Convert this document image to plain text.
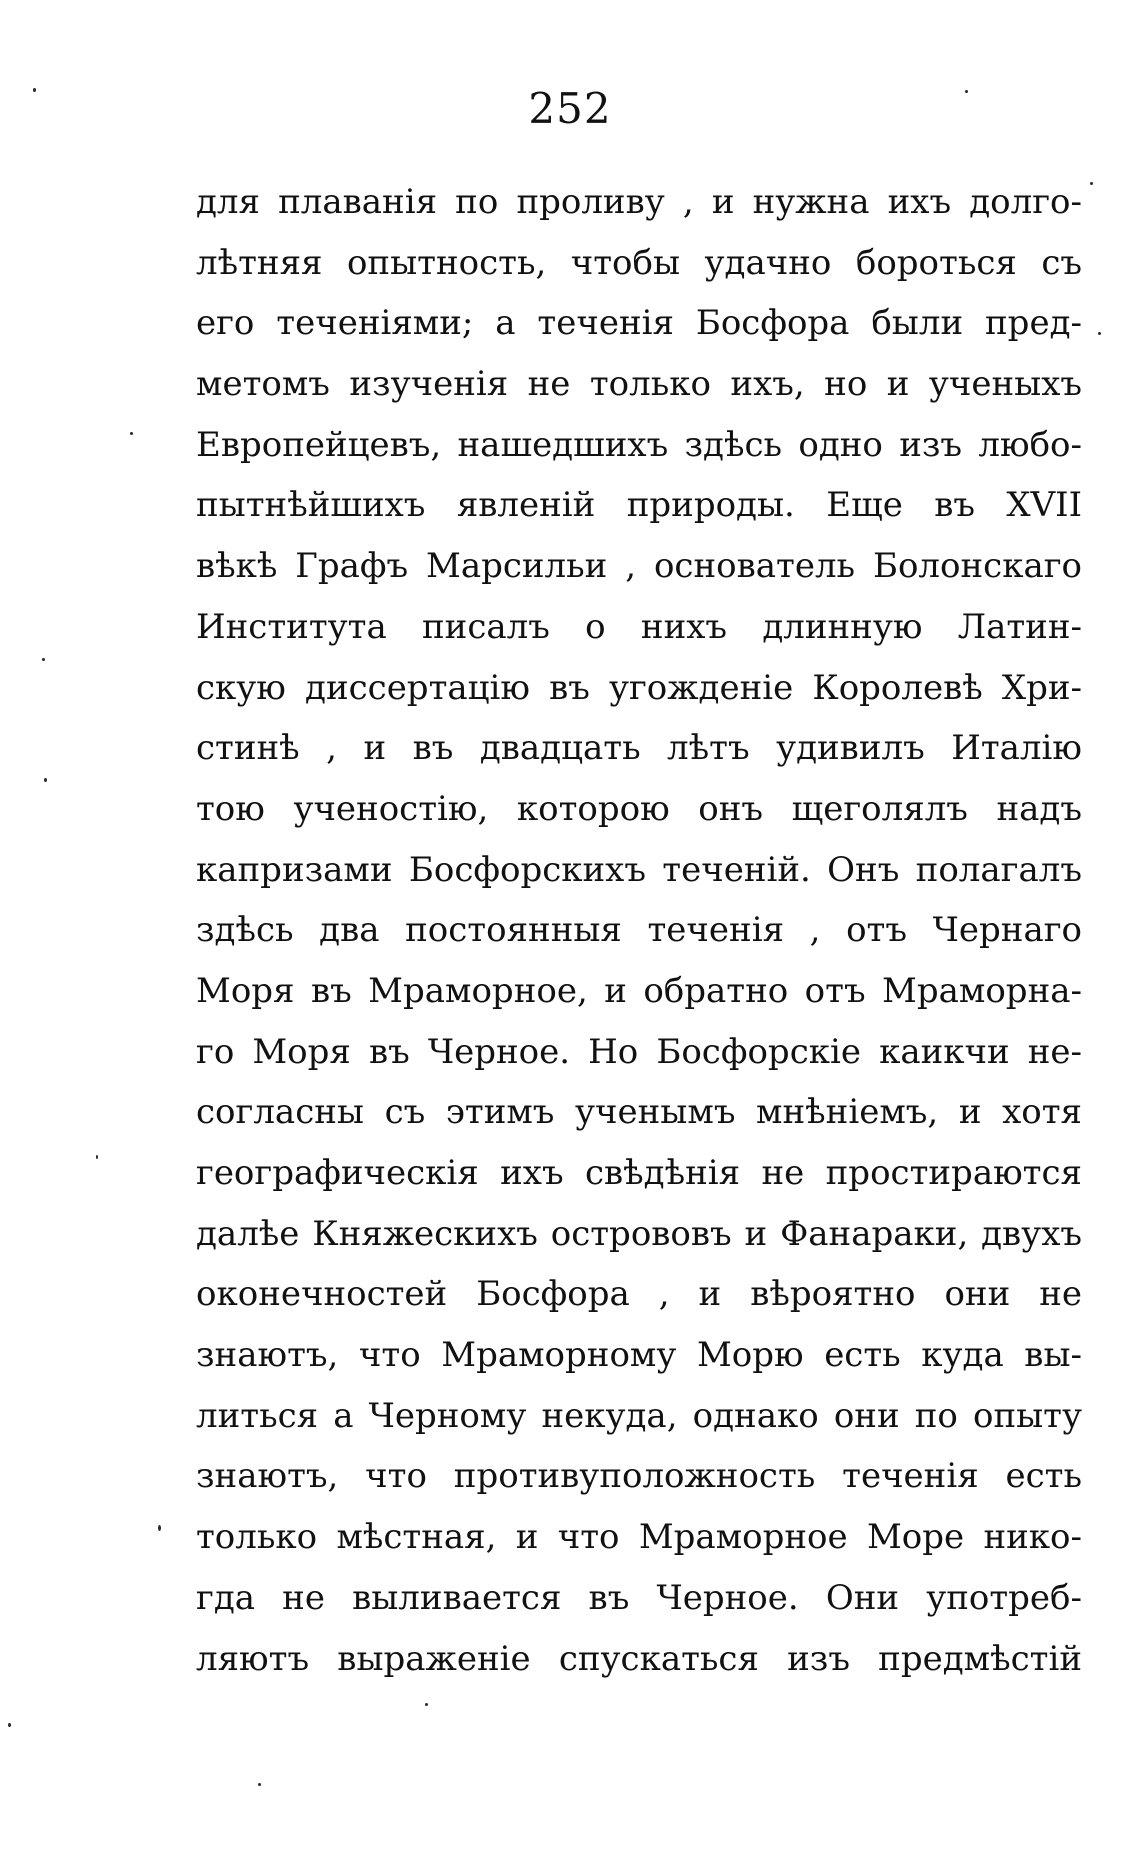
252
для плаванія по проливу , и нужна ихъ долго-
лѣтняя опытность, чтобы удачно бороться съ
его теченіями; а теченія Босфора были пред-
метомъ изученія не только ихъ, но и ученыхъ
Европейцевъ, нашедшихъ здѣсь одно изъ любо-
пытнѣйшихъ явленій природы. Еще въ XVII
вѣкѣ Графъ Марсильи , основатель Болонскаго
Института писалъ о нихъ длинную Латин-
скую диссертацію въ угожденіе Королевѣ Хри-
стинѣ , и въ двадцать лѣтъ удивилъ Италію
тою ученостію, которою онъ щеголялъ надъ
капризами Босфорскихъ теченій. Онъ полагалъ
здѣсь два постоянныя теченія , отъ Чернаго
Моря въ Мраморное, и обратно отъ Мраморна-
го Моря въ Черное. Но Босфорскіе каикчи не-
согласны съ этимъ ученымъ мнѣніемъ, и хотя
географическія ихъ свѣдѣнія не простираются
далѣе Княжескихъ острововъ и Фанараки, двухъ
оконечностей Босфора , и вѣроятно они не
знаютъ, что Мраморному Морю есть куда вы-
литься а Черному некуда, однако они по опыту
знаютъ, что противуположность теченія есть
только мѣстная, и что Мраморное Море нико-
гда не выливается въ Черное. Они употреб-
ляютъ выраженіе спускаться изъ предмѣстій
